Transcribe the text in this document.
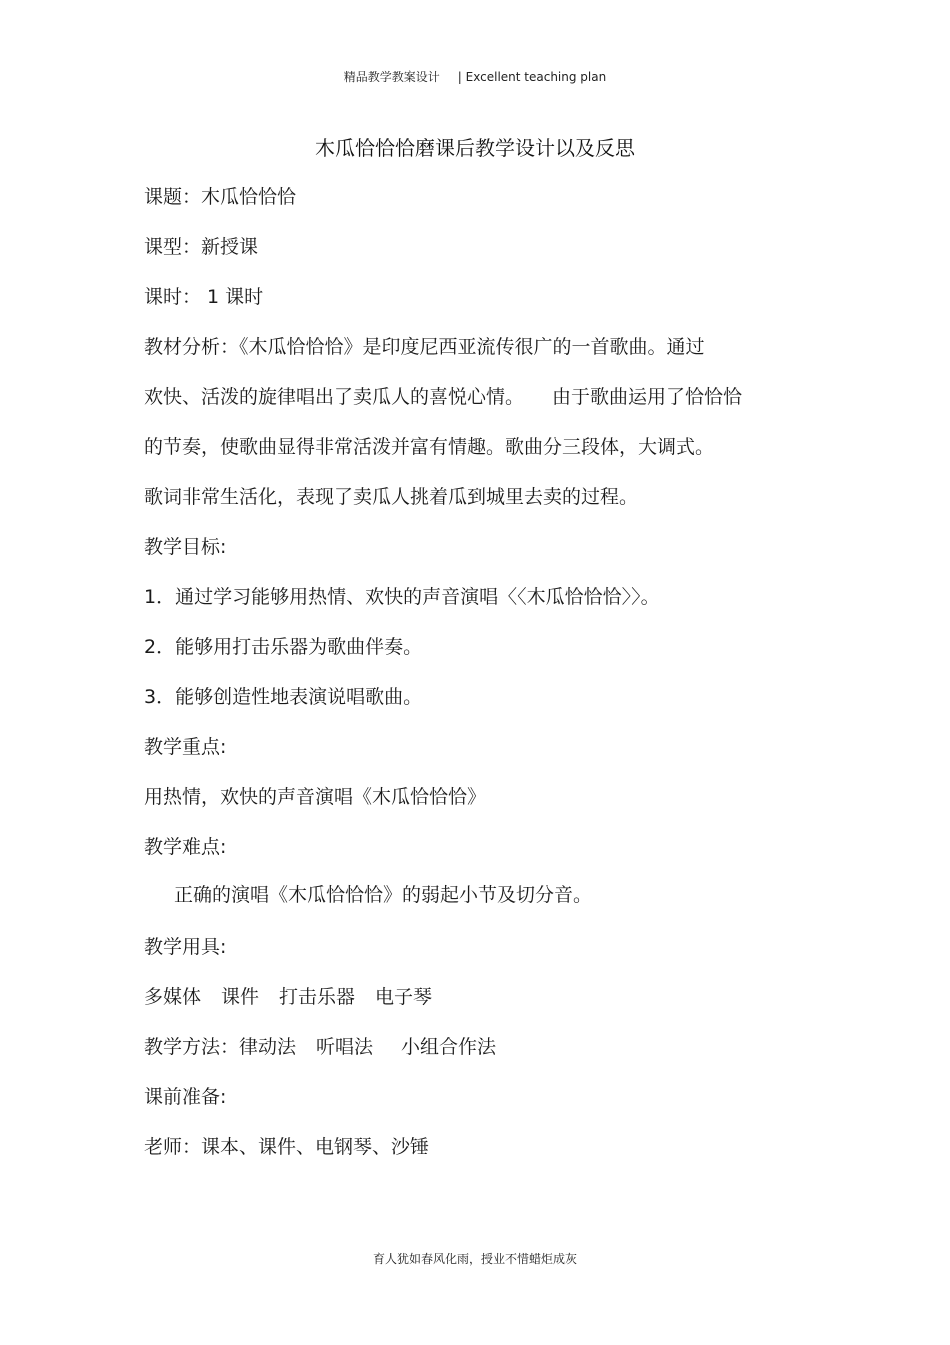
精品教学教案设计 | Excellent teaching plan
木瓜恰恰恰磨课后教学设计以及反思
课题：木瓜恰恰恰
课型：新授课
课时： 1 课时
教材分析：《木瓜恰恰恰》是印度尼西亚流传很广的一首歌曲。通过
欢快、活泼的旋律唱出了卖瓜人的喜悦心情。 由于歌曲运用了恰恰恰
的节奏，使歌曲显得非常活泼并富有情趣。歌曲分三段体，大调式。
歌词非常生活化，表现了卖瓜人挑着瓜到城里去卖的过程。
教学目标:
1．通过学习能够用热情、欢快的声音演唱〈〈木瓜恰恰恰〉〉。
2．能够用打击乐器为歌曲伴奏。
3．能够创造性地表演说唱歌曲。
教学重点:
用热情，欢快的声音演唱《木瓜恰恰恰》
教学难点:
正确的演唱《木瓜恰恰恰》的弱起小节及切分音。
教学用具:
多媒体 课件 打击乐器 电子琴
教学方法：律动法 听唱法 小组合作法
课前准备:
老师：课本、课件、电钢琴、沙锤
育人犹如春风化雨，授业不惜蜡炬成灰
